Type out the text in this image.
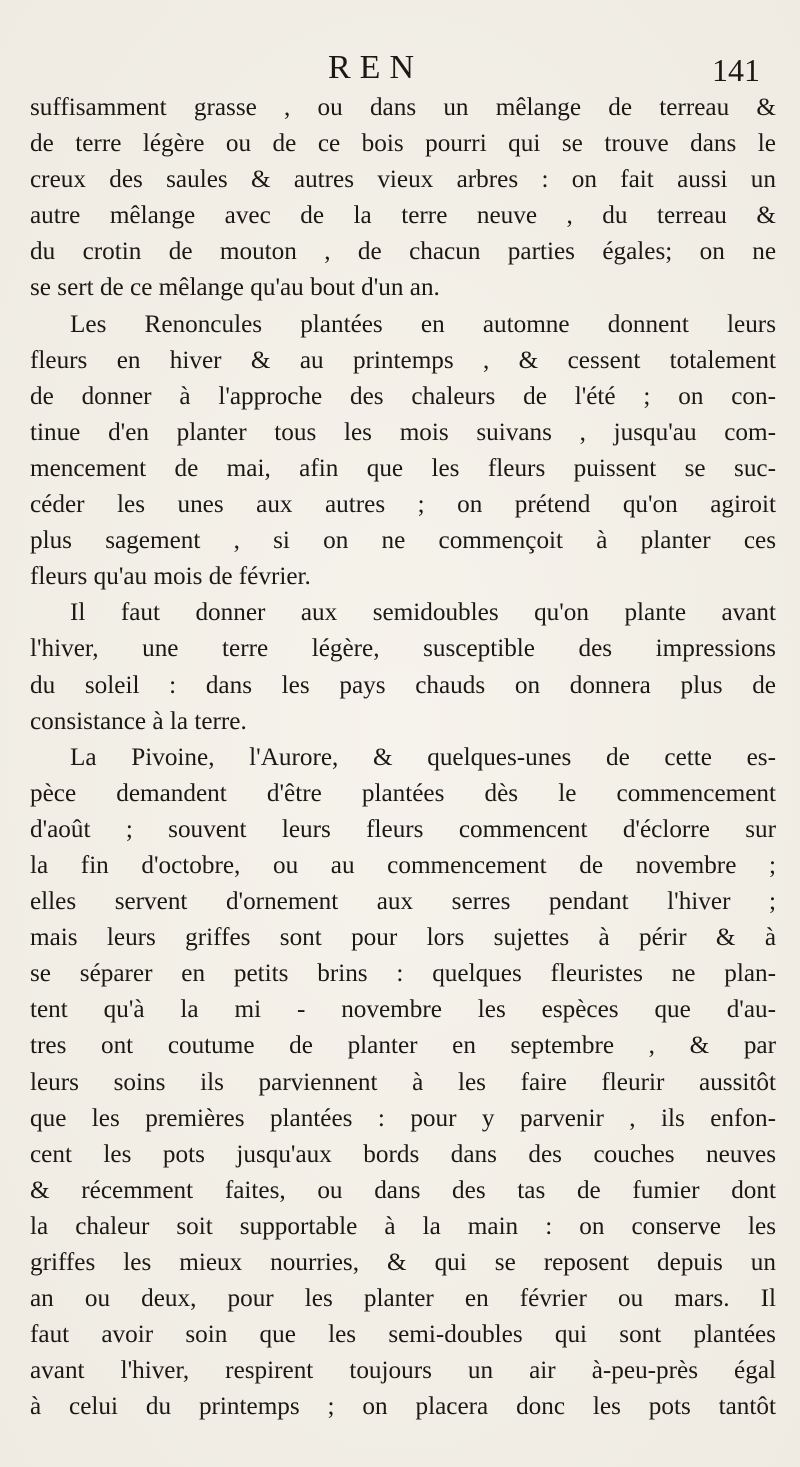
REN	141
suffisamment grasse , ou dans un mêlange de terreau &
de terre légère ou de ce bois pourri qui se trouve dans le
creux des saules & autres vieux arbres : on fait aussi un
autre mêlange avec de la terre neuve , du terreau &
du crotin de mouton , de chacun parties égales; on ne
se sert de ce mêlange qu'au bout d'un an.
Les Renoncules plantées en automne donnent leurs
fleurs en hiver & au printemps , & cessent totalement
de donner à l'approche des chaleurs de l'été ; on con-
tinue d'en planter tous les mois suivans , jusqu'au com-
mencement de mai, afin que les fleurs puissent se suc-
céder les unes aux autres ; on prétend qu'on agiroit
plus sagement , si on ne commençoit à planter ces
fleurs qu'au mois de février.
Il faut donner aux semidoubles qu'on plante avant
l'hiver, une terre légère, susceptible des impressions
du soleil : dans les pays chauds on donnera plus de
consistance à la terre.
La Pivoine, l'Aurore, & quelques-unes de cette es-
pèce demandent d'être plantées dès le commencement
d'août ; souvent leurs fleurs commencent d'éclorre sur
la fin d'octobre, ou au commencement de novembre ;
elles servent d'ornement aux serres pendant l'hiver ;
mais leurs griffes sont pour lors sujettes à périr & à
se séparer en petits brins : quelques fleuristes ne plan-
tent qu'à la mi - novembre les espèces que d'au-
tres ont coutume de planter en septembre , & par
leurs soins ils parviennent à les faire fleurir aussitôt
que les premières plantées : pour y parvenir , ils enfon-
cent les pots jusqu'aux bords dans des couches neuves
& récemment faites, ou dans des tas de fumier dont
la chaleur soit supportable à la main : on conserve les
griffes les mieux nourries, & qui se reposent depuis un
an ou deux, pour les planter en février ou mars. Il
faut avoir soin que les semi-doubles qui sont plantées
avant l'hiver, respirent toujours un air à-peu-près égal
à celui du printemps ; on placera donc les pots tantôt
